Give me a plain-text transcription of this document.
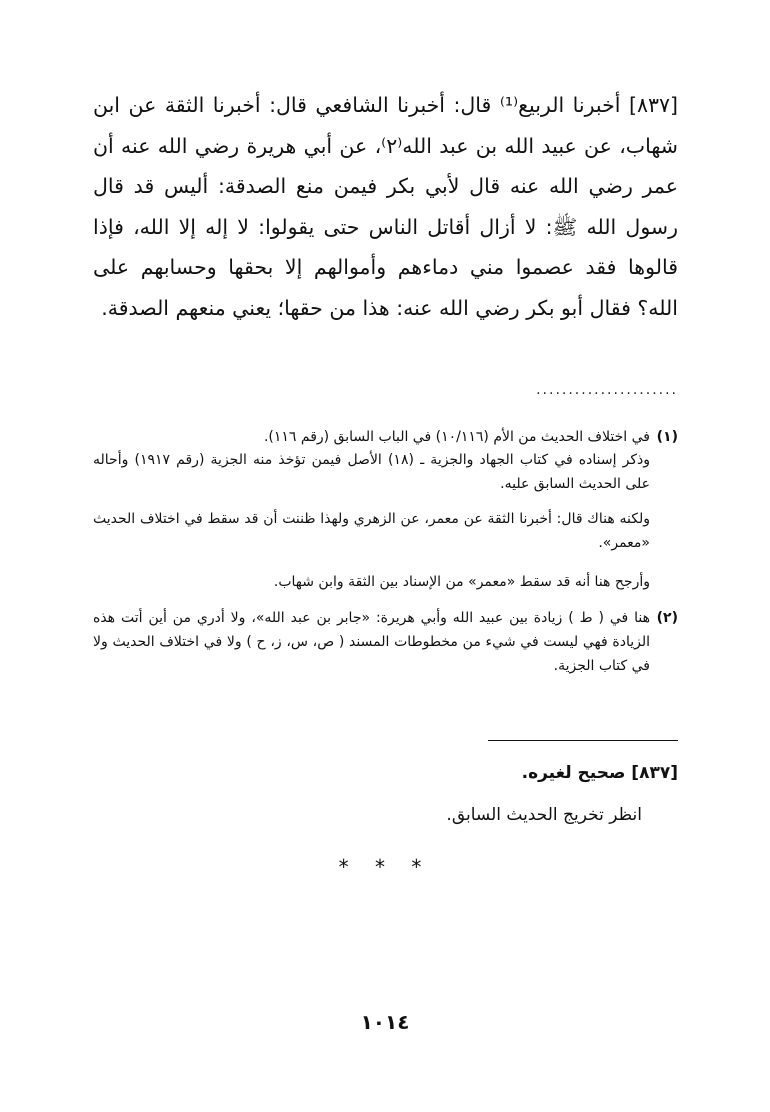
[٨٣٧] أخبرنا الربيع⁽¹⁾ قال: أخبرنا الشافعي قال: أخبرنا الثقة عن ابن شهاب، عن عبيد الله بن عبد الله⁽٢⁾، عن أبي هريرة رضي الله عنه أن عمر رضي الله عنه قال لأبي بكر فيمن منع الصدقة: أليس قد قال رسول الله ﷺ: لا أزال أقاتل الناس حتى يقولوا: لا إله إلا الله، فإذا قالوها فقد عصموا مني دماءهم وأموالهم إلا بحقها وحسابهم على الله؟ فقال أبو بكر رضي الله عنه: هذا من حقها؛ يعني منعهم الصدقة.

......................
(١)
في اختلاف الحديث من الأم (١٠/١١٦) في الباب السابق (رقم ١١٦).
وذكر إسناده في كتاب الجهاد والجزية ـ (١٨) الأصل فيمن تؤخذ منه الجزية (رقم ١٩١٧) وأحاله على الحديث السابق عليه.
ولكنه هناك قال: أخبرنا الثقة عن معمر، عن الزهري ولهذا ظننت أن قد سقط في اختلاف الحديث «معمر».
وأرجح هنا أنه قد سقط «معمر» من الإسناد بين الثقة وابن شهاب.
(٢)
هنا في ( ط ) زيادة بين عبيد الله وأبي هريرة: «جابر بن عبد الله»، ولا أدري من أين أتت هذه الزيادة فهي ليست في شيء من مخطوطات المسند ( ص، س، ز، ح ) ولا في اختلاف الحديث ولا في كتاب الجزية.
[٨٣٧] صحيح لغيره.
انظر تخريج الحديث السابق.
* * *
١٠١٤
